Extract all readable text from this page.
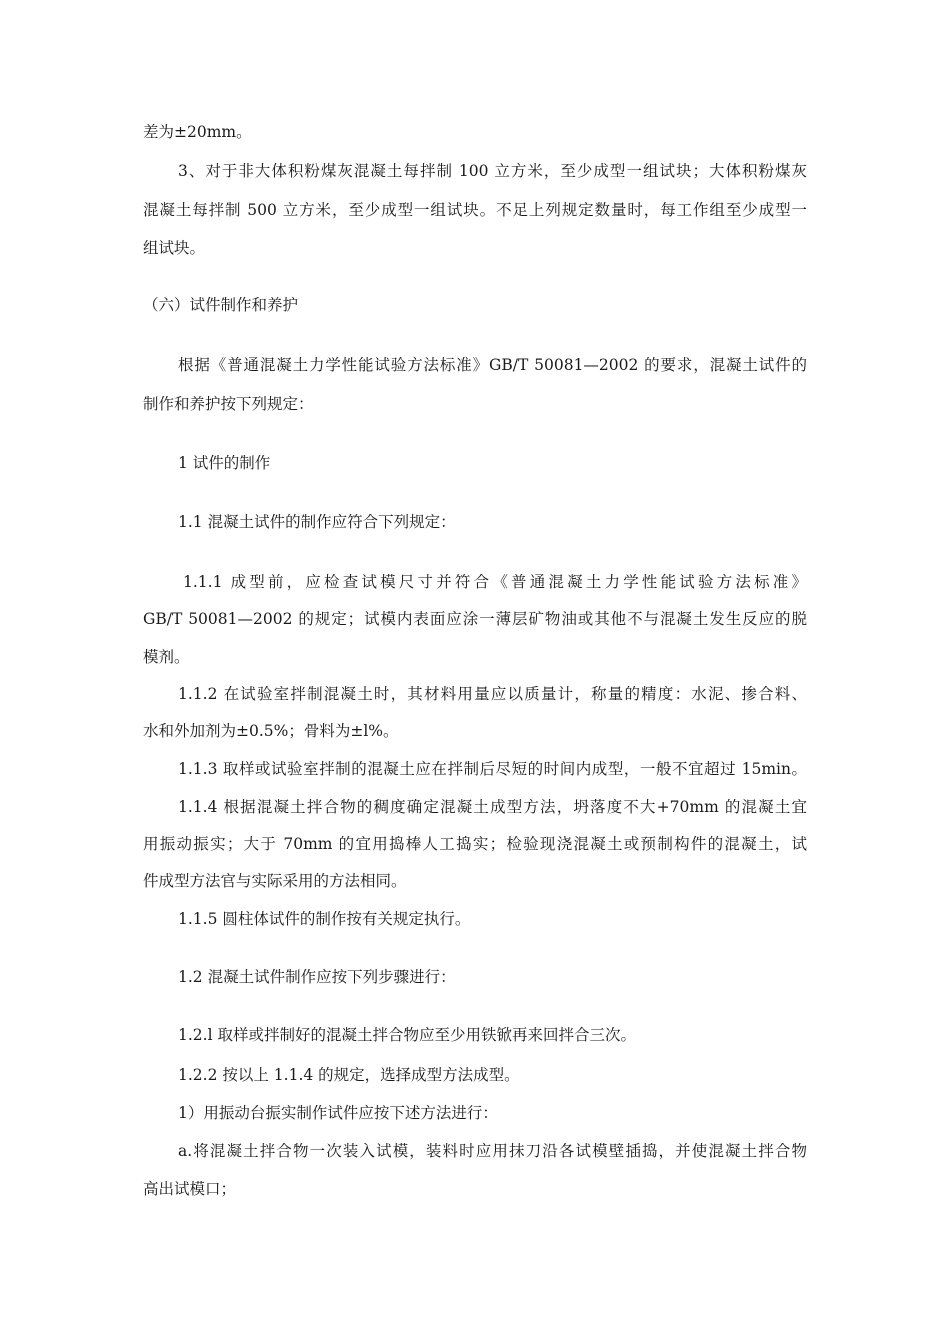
差为±20mm。
3、对于非大体积粉煤灰混凝土每拌制 100 立方米，至少成型一组试块；大体积粉煤灰
混凝土每拌制 500 立方米，至少成型一组试块。不足上列规定数量时，每工作组至少成型一
组试块。
（六）试件制作和养护
根据《普通混凝土力学性能试验方法标准》GB/T 50081—2002 的要求，混凝土试件的
制作和养护按下列规定：
1 试件的制作
1.1 混凝土试件的制作应符合下列规定：
1.1.1 成型前，应检查试模尺寸并符合《普通混凝土力学性能试验方法标准》
GB/T 50081—2002 的规定；试模内表面应涂一薄层矿物油或其他不与混凝土发生反应的脱
模剂。
1.1.2 在试验室拌制混凝土时，其材料用量应以质量计，称量的精度：水泥、掺合料、
水和外加剂为±0.5%；骨料为±l%。
1.1.3 取样或试验室拌制的混凝土应在拌制后尽短的时间内成型，一般不宜超过 15min。
1.1.4 根据混凝土拌合物的稠度确定混凝土成型方法，坍落度不大+70mm 的混凝土宜
用振动振实；大于 70mm 的宜用捣棒人工捣实；检验现浇混凝土或预制构件的混凝土，试
件成型方法官与实际采用的方法相同。
1.1.5 圆柱体试件的制作按有关规定执行。
1.2 混凝土试件制作应按下列步骤进行：
1.2.l 取样或拌制好的混凝土拌合物应至少用铁锨再来回拌合三次。
1.2.2 按以上 1.1.4 的规定，选择成型方法成型。
1）用振动台振实制作试件应按下述方法进行：
a.将混凝土拌合物一次装入试模，装料时应用抹刀沿各试模壁插捣，并使混凝土拌合物
高出试模口；
